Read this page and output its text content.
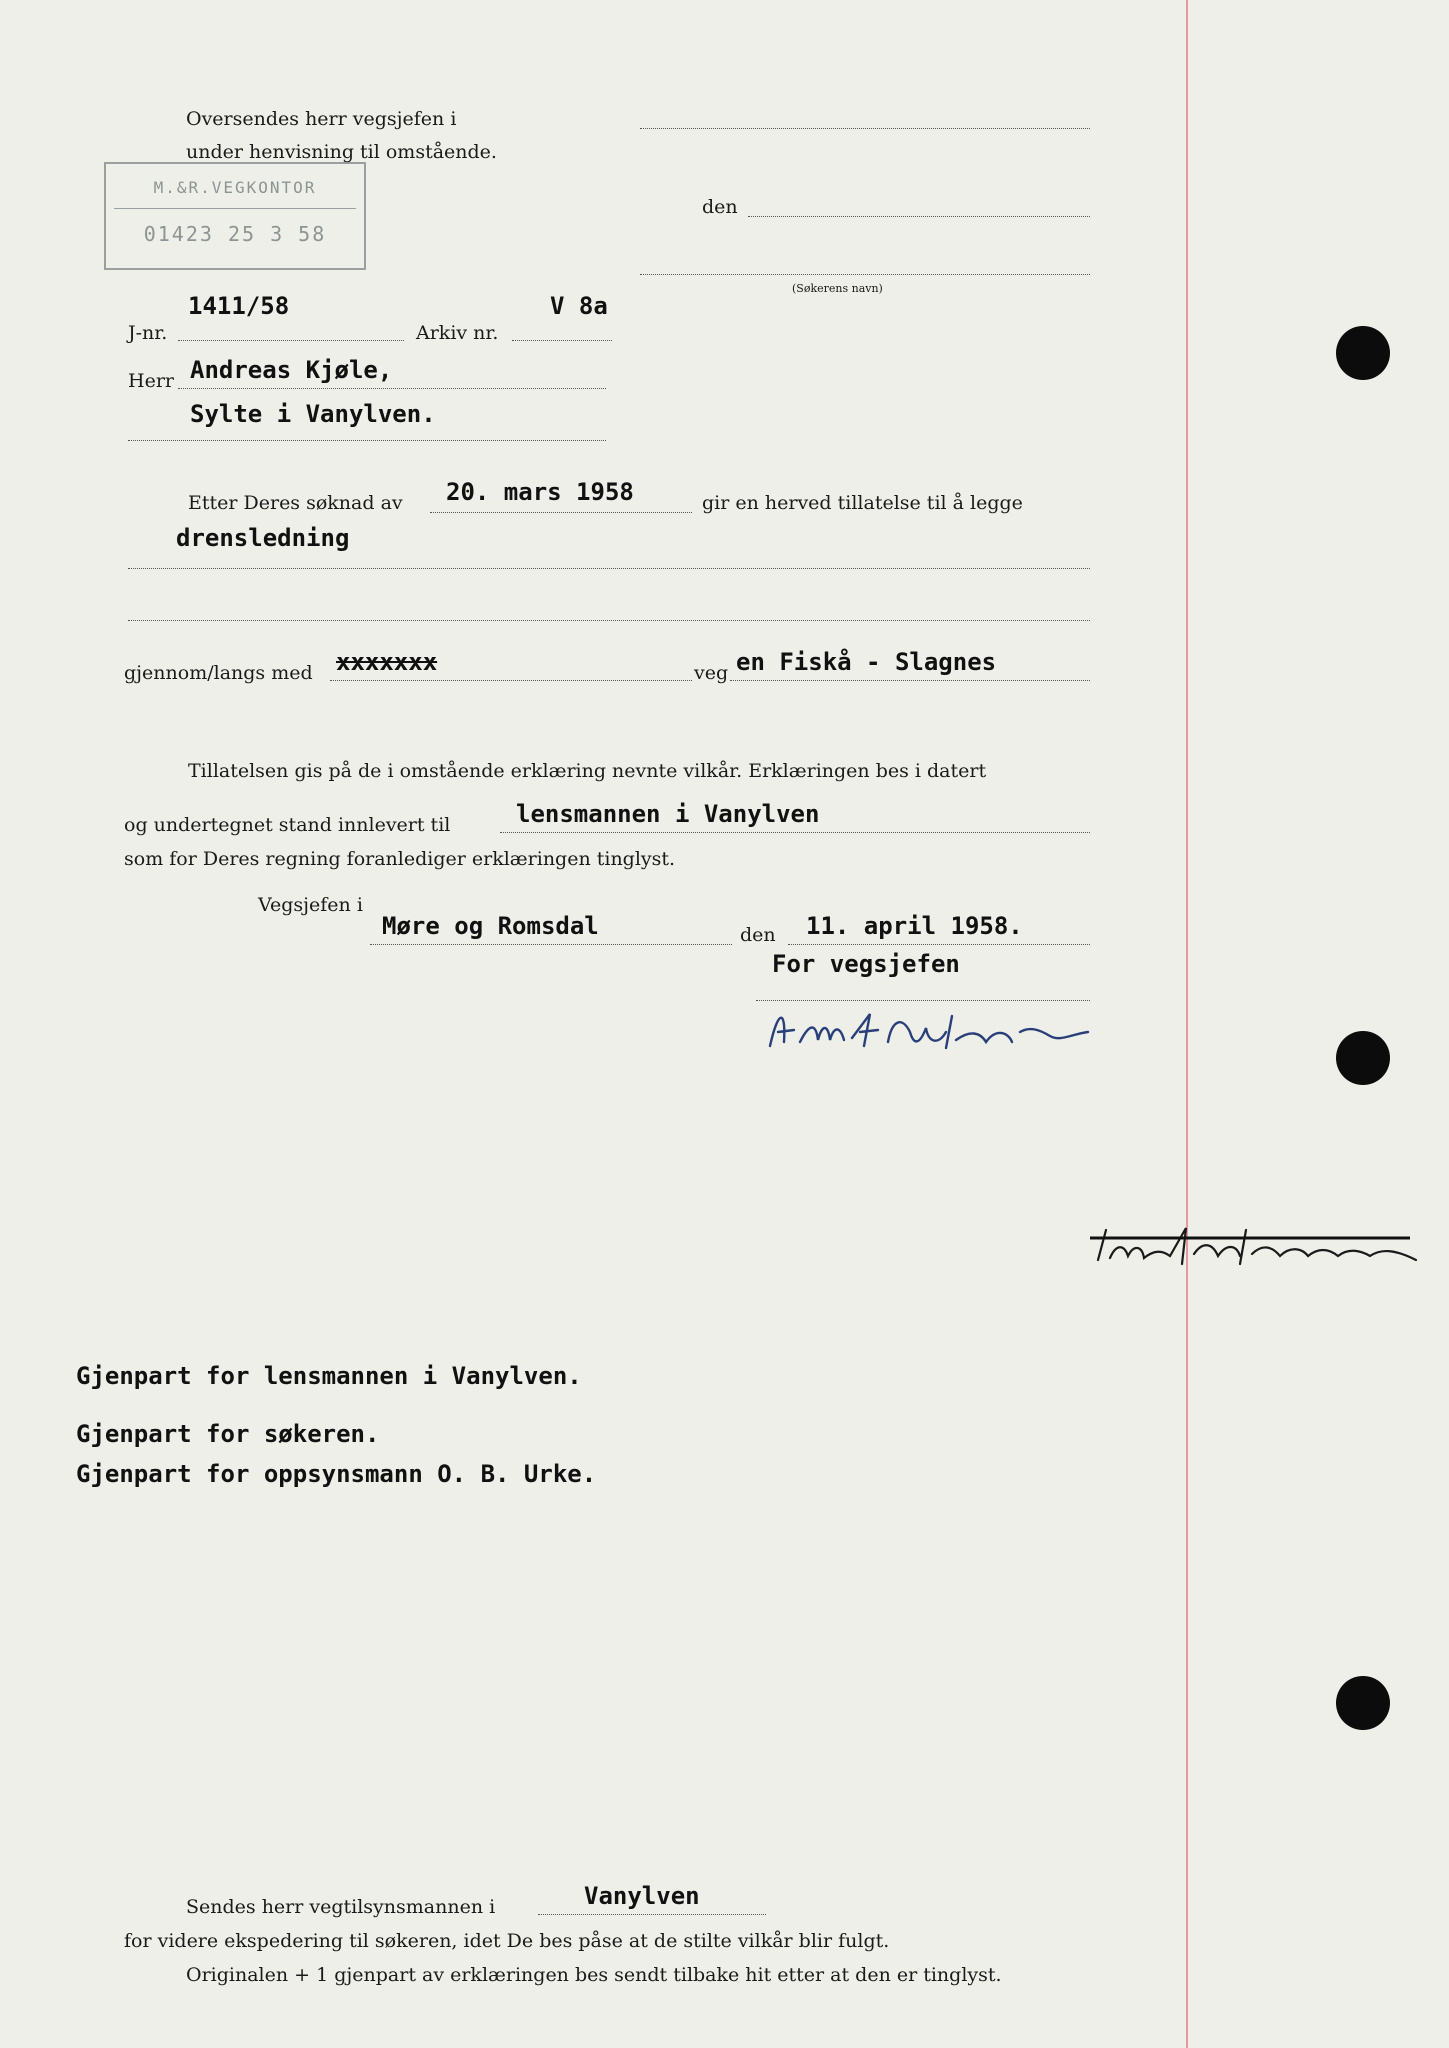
M.&R.VEGKONTOR
01423 25 3 58
Oversendes herr vegsjefen i
under henvisning til omstående.
den
(Søkerens navn)
J-nr.
1411/58
Arkiv nr.
V 8a
Herr Andreas Kjøle,
Sylte i Vanylven.
Etter Deres søknad av 20. mars 1958	gir en herved tillatelse til å legge
drensledning
gjennom/langs med xxxxxxx	veg en Fiskå - Slagnes
Tillatelsen gis på de i omstående erklæring nevnte vilkår. Erklæringen bes i datert
og undertegnet stand innlevert til	lensmannen i Vanylven
som for Deres regning foranlediger erklæringen tinglyst.
Vegsjefen i
Møre og Romsdal	den 11. april 1958.
For vegsjefen
Gjenpart for lensmannen i Vanylven.
Gjenpart for søkeren.
Gjenpart for oppsynsmann O. B. Urke.
Sendes herr vegtilsynsmannen i	Vanylven
for videre ekspedering til søkeren, idet De bes påse at de stilte vilkår blir fulgt.
Originalen + 1 gjenpart av erklæringen bes sendt tilbake hit etter at den er tinglyst.
